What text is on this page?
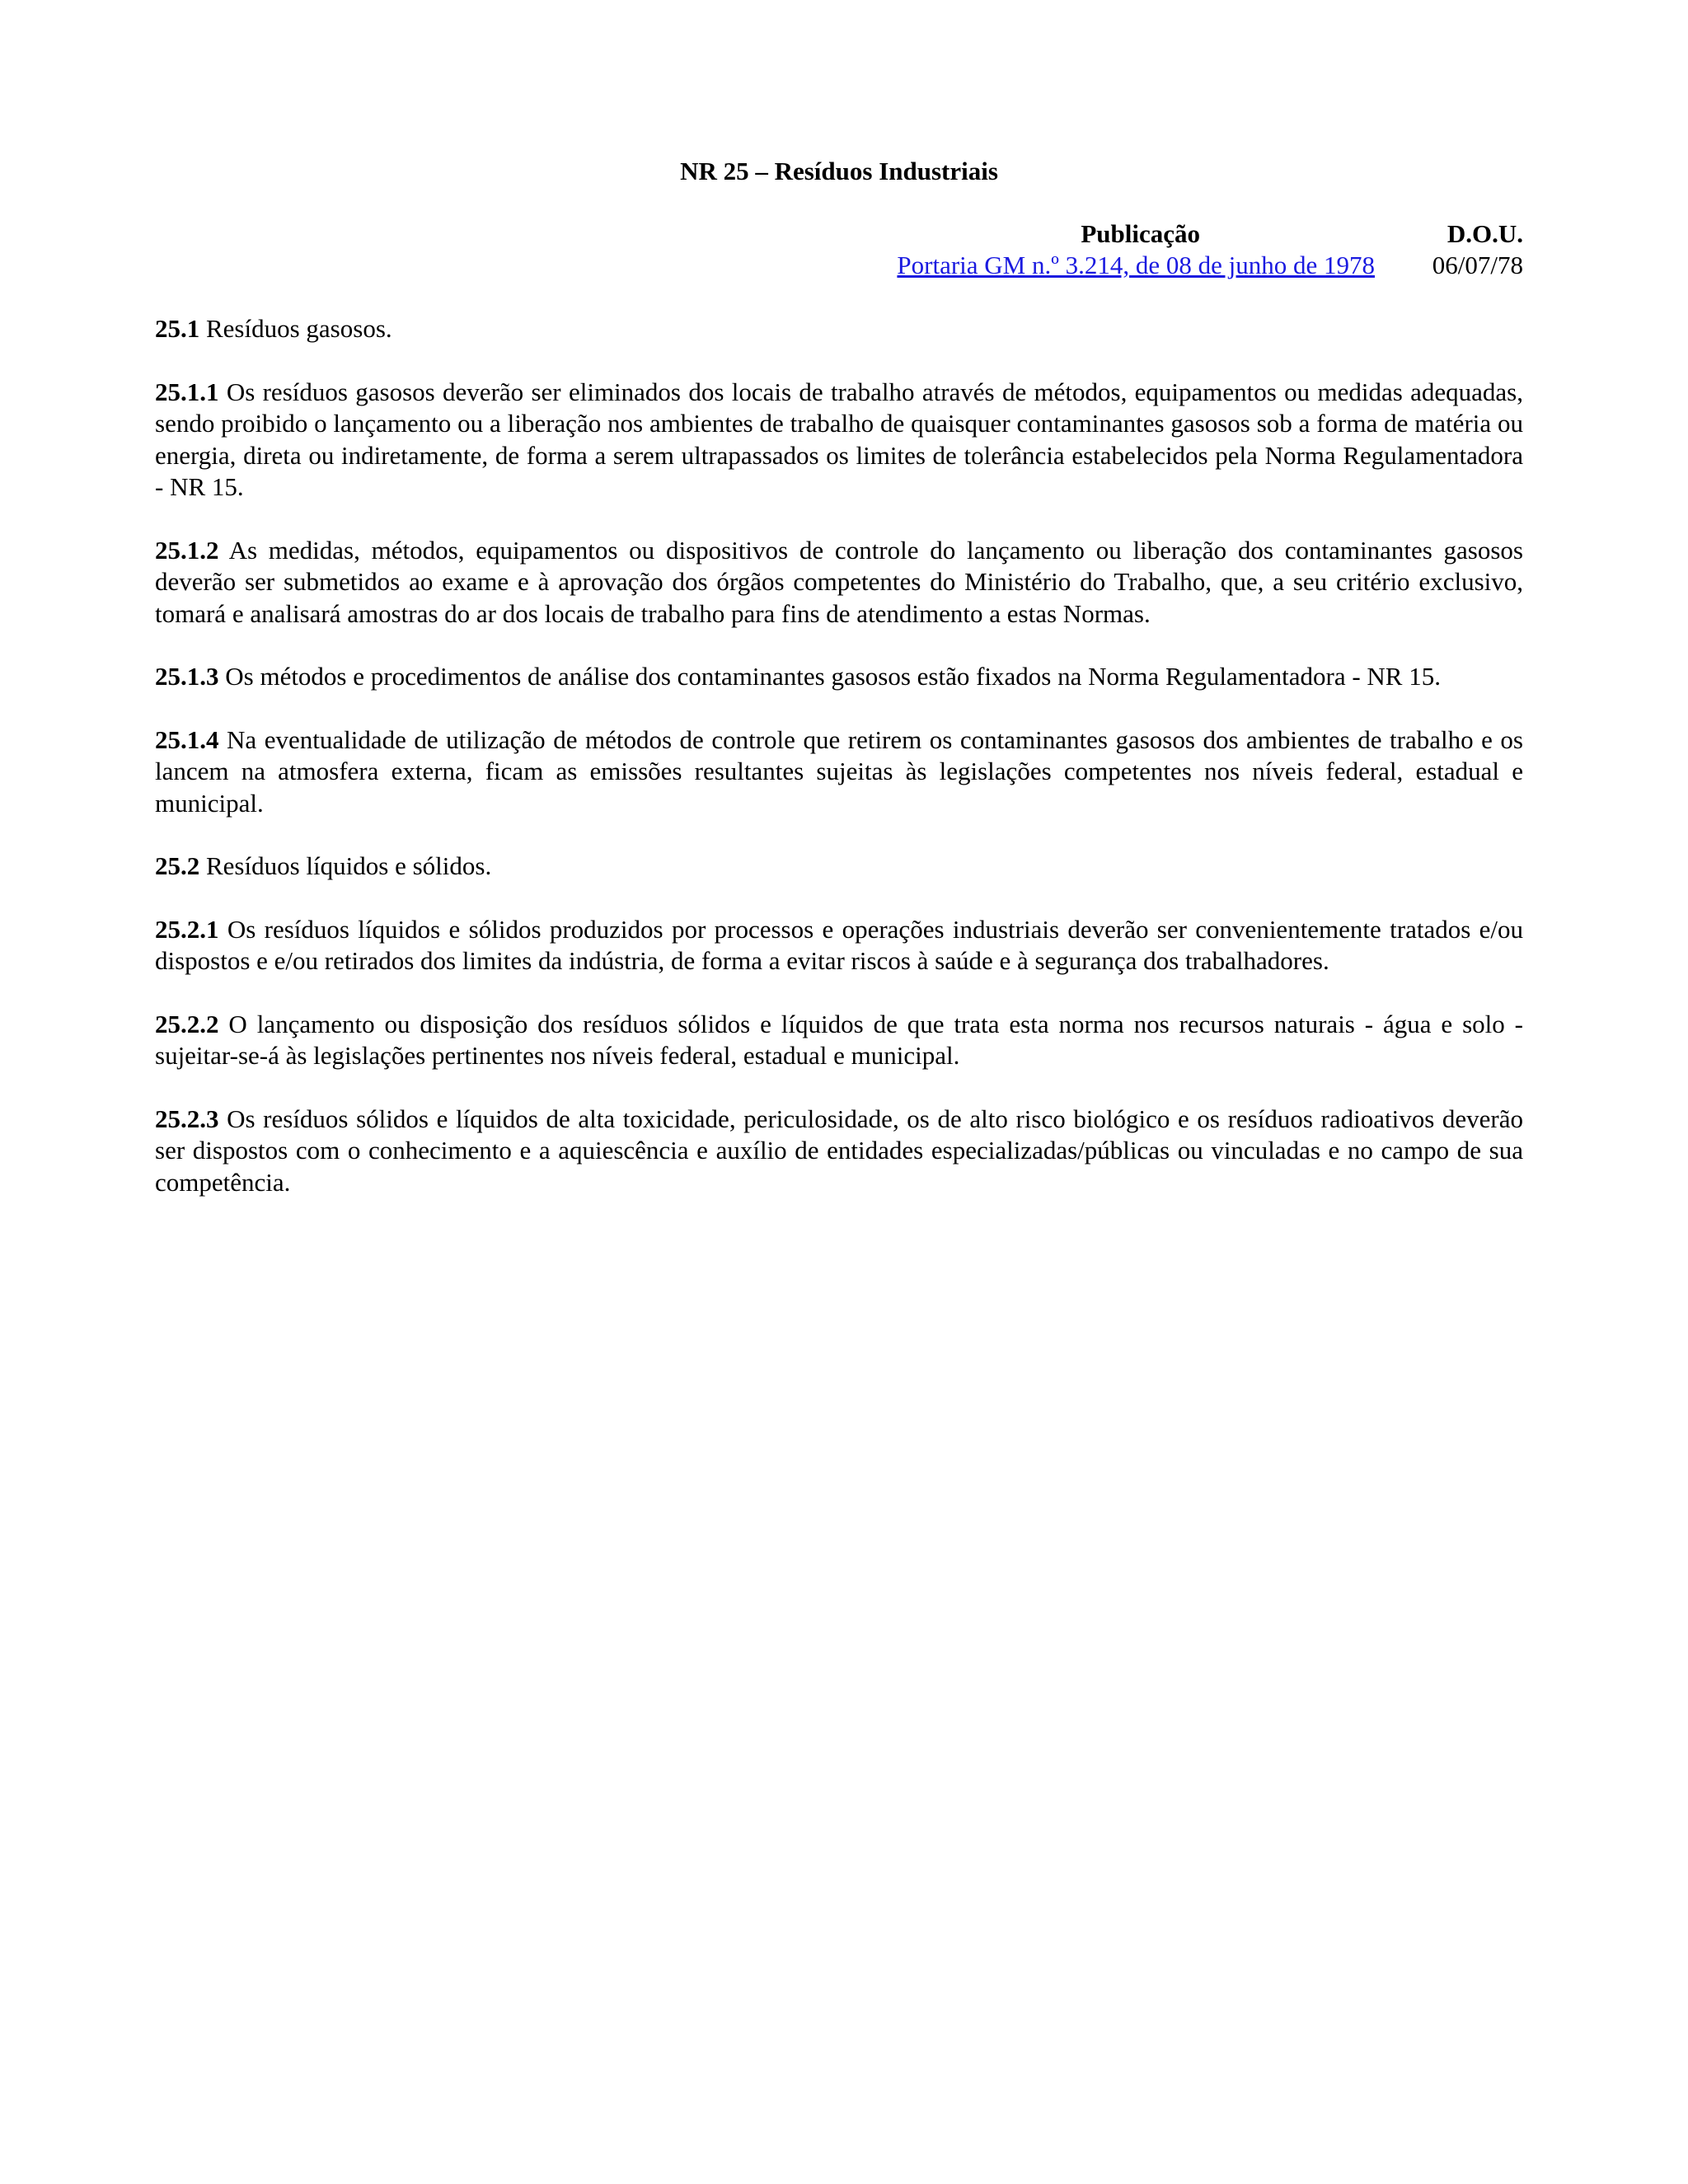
NR 25 – Resíduos Industriais
Publicação	D.O.U.
Portaria GM n.º 3.214, de 08 de junho de 1978 06/07/78

25.1 Resíduos gasosos.

25.1.1 Os resíduos gasosos deverão ser eliminados dos locais de trabalho através de métodos, equipamentos ou medidas adequadas, sendo proibido o lançamento ou a liberação nos ambientes de trabalho de quaisquer contaminantes gasosos sob a forma de matéria ou energia, direta ou indiretamente, de forma a serem ultrapassados os limites de tolerância estabelecidos pela Norma Regulamentadora - NR 15.

25.1.2 As medidas, métodos, equipamentos ou dispositivos de controle do lançamento ou liberação dos contaminantes gasosos deverão ser submetidos ao exame e à aprovação dos órgãos competentes do Ministério do Trabalho, que, a seu critério exclusivo, tomará e analisará amostras do ar dos locais de trabalho para fins de atendimento a estas Normas.

25.1.3 Os métodos e procedimentos de análise dos contaminantes gasosos estão fixados na Norma Regulamentadora - NR 15.

25.1.4 Na eventualidade de utilização de métodos de controle que retirem os contaminantes gasosos dos ambientes de trabalho e os lancem na atmosfera externa, ficam as emissões resultantes sujeitas às legislações competentes nos níveis federal, estadual e municipal.

25.2 Resíduos líquidos e sólidos.

25.2.1 Os resíduos líquidos e sólidos produzidos por processos e operações industriais deverão ser convenientemente tratados e/ou dispostos e e/ou retirados dos limites da indústria, de forma a evitar riscos à saúde e à segurança dos trabalhadores.

25.2.2 O lançamento ou disposição dos resíduos sólidos e líquidos de que trata esta norma nos recursos naturais - água e solo - sujeitar-se-á às legislações pertinentes nos níveis federal, estadual e municipal.

25.2.3 Os resíduos sólidos e líquidos de alta toxicidade, periculosidade, os de alto risco biológico e os resíduos radioativos deverão ser dispostos com o conhecimento e a aquiescência e auxílio de entidades especializadas/públicas ou vinculadas e no campo de sua competência.
